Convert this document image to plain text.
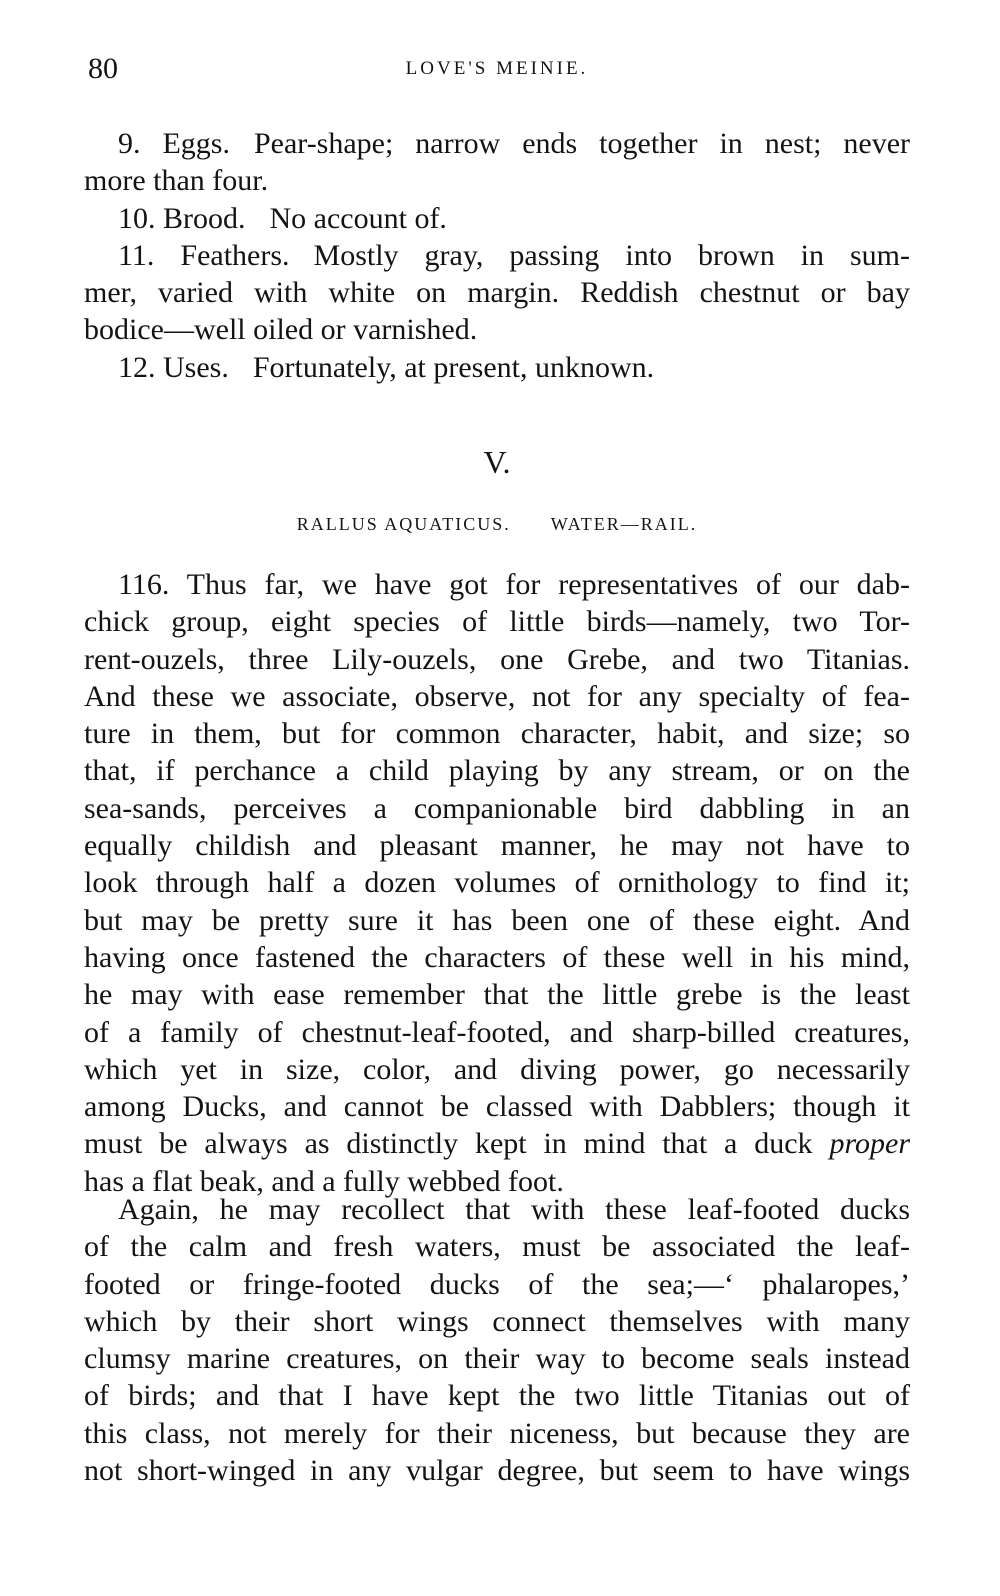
80	LOVE'S MEINIE.
9. Eggs. Pear-shape; narrow ends together in nest; never
more than four.
10. Brood. No account of.
11. Feathers. Mostly gray, passing into brown in sum-
mer, varied with white on margin. Reddish chestnut or bay
bodice—well oiled or varnished.
12. Uses. Fortunately, at present, unknown.
V.
RALLUS AQUATICUS. WATER—RAIL.
116. Thus far, we have got for representatives of our dab-
chick group, eight species of little birds—namely, two Tor-
rent-ouzels, three Lily-ouzels, one Grebe, and two Titanias.
And these we associate, observe, not for any specialty of fea-
ture in them, but for common character, habit, and size; so
that, if perchance a child playing by any stream, or on the
sea-sands, perceives a companionable bird dabbling in an
equally childish and pleasant manner, he may not have to
look through half a dozen volumes of ornithology to find it;
but may be pretty sure it has been one of these eight. And
having once fastened the characters of these well in his mind,
he may with ease remember that the little grebe is the least
of a family of chestnut-leaf-footed, and sharp-billed creatures,
which yet in size, color, and diving power, go necessarily
among Ducks, and cannot be classed with Dabblers; though it
must be always as distinctly kept in mind that a duck proper
has a flat beak, and a fully webbed foot.
Again, he may recollect that with these leaf-footed ducks
of the calm and fresh waters, must be associated the leaf-
footed or fringe-footed ducks of the sea;—‘ phalaropes,’
which by their short wings connect themselves with many
clumsy marine creatures, on their way to become seals instead
of birds; and that I have kept the two little Titanias out of
this class, not merely for their niceness, but because they are
not short-winged in any vulgar degree, but seem to have wings
